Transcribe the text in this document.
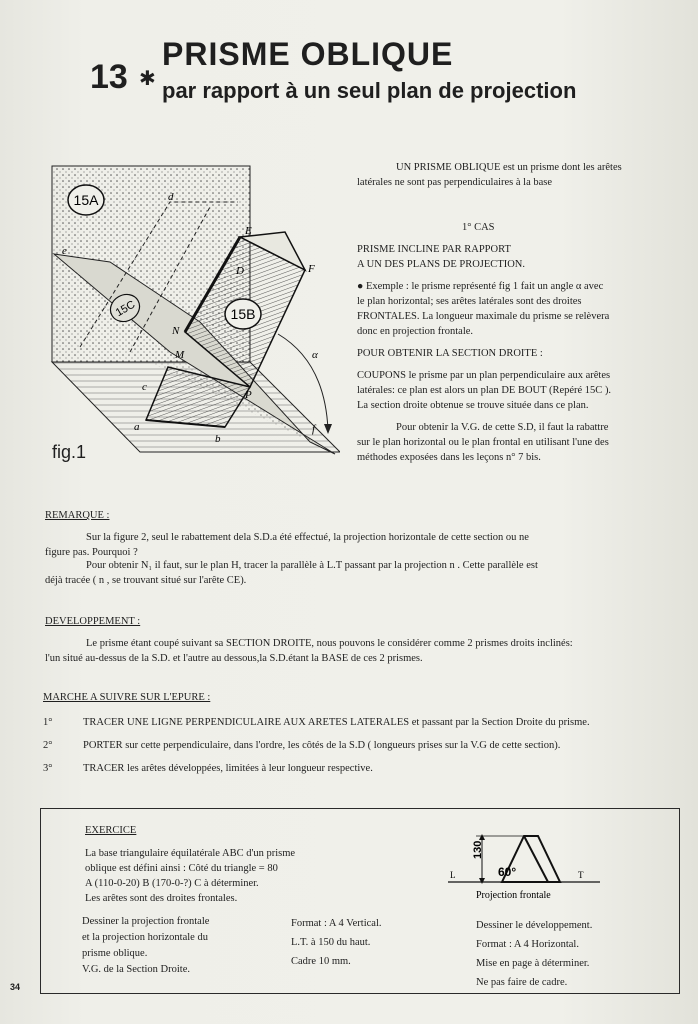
13 ✱
PRISME OBLIQUE
par rapport à un seul plan de projection
15A
15B
15C
d
D	F
E
N
M
P
e
f
c
a
b
α
fig.1
UN PRISME OBLIQUE est un prisme dont les arêtes
latérales ne sont pas perpendiculaires à la base
1° CAS
PRISME INCLINE PAR RAPPORT
A UN DES PLANS DE PROJECTION.
● Exemple : le prisme représenté fig 1 fait un angle α avec
le plan horizontal; ses arêtes latérales sont des droites
FRONTALES. La longueur maximale du prisme se relèvera
donc en projection frontale.
POUR OBTENIR LA SECTION DROITE :
COUPONS le prisme par un plan perpendiculaire aux arêtes
latérales: ce plan est alors un plan DE BOUT (Repéré 15C ).
La section droite obtenue se trouve située dans ce plan.
Pour obtenir la V.G. de cette S.D, il faut la rabattre
sur le plan horizontal ou le plan frontal en utilisant l'une des
méthodes exposées dans les leçons n° 7 bis.
REMARQUE :
Sur la figure 2, seul le rabattement dela S.D.a été effectué, la projection horizontale de cette section ou ne
figure pas. Pourquoi ?
Pour obtenir N₁ il faut, sur le plan H, tracer la parallèle à L.T passant par la projection n . Cette parallèle est
déjà tracée ( n , se trouvant situé sur l'arête CE).
DEVELOPPEMENT :
Le prisme étant coupé suivant sa SECTION DROITE, nous pouvons le considérer comme 2 prismes droits inclinés:
l'un situé au-dessus de la S.D. et l'autre au dessous,la S.D.étant la BASE de ces 2 prismes.
MARCHE A SUIVRE SUR L'EPURE :
1°	TRACER UNE LIGNE PERPENDICULAIRE AUX ARETES LATERALES et passant par la Section Droite du prisme.
2°	PORTER sur cette perpendiculaire, dans l'ordre, les côtés de la S.D ( longueurs prises sur la V.G de cette section).
3°	TRACER les arêtes développées, limitées à leur longueur respective.
EXERCICE
La base triangulaire équilatérale ABC d'un prisme
oblique est défini ainsi : Côté du triangle = 80
A (110-0-20) B (170-0-?) C à déterminer.
Les arêtes sont des droites frontales.
Dessiner la projection frontale
et la projection horizontale du
prisme oblique.
V.G. de la Section Droite.
Format : A 4 Vertical.
L.T. à 150 du haut.
Cadre 10 mm.
Dessiner le développement.
Format : A 4 Horizontal.
Mise en page à déterminer.
Ne pas faire de cadre.
130
60°
L	T
Projection frontale
34
